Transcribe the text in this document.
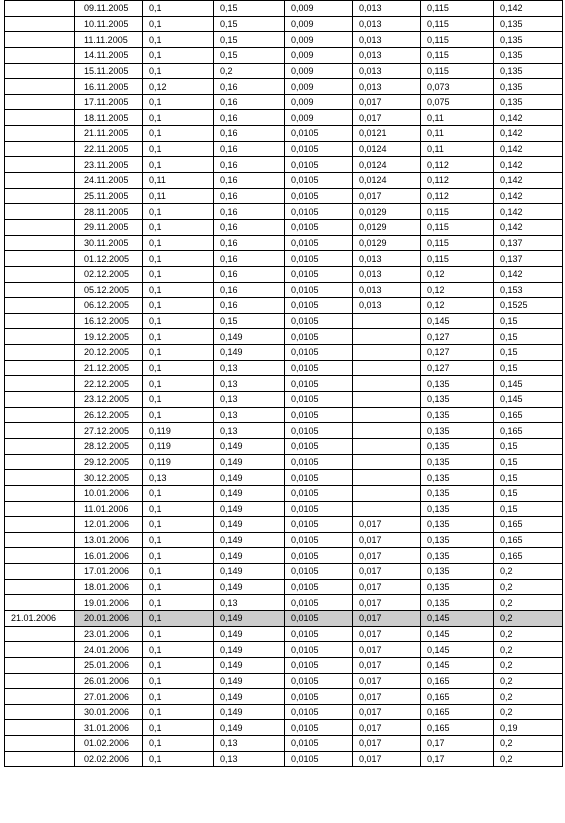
	09.11.2005	0,1	0,15	0,009	0,013	0,115	0,142
	10.11.2005	0,1	0,15	0,009	0,013	0,115	0,135
	11.11.2005	0,1	0,15	0,009	0,013	0,115	0,135
	14.11.2005	0,1	0,15	0,009	0,013	0,115	0,135
	15.11.2005	0,1	0,2	0,009	0,013	0,115	0,135
	16.11.2005	0,12	0,16	0,009	0,013	0,073	0,135
	17.11.2005	0,1	0,16	0,009	0,017	0,075	0,135
	18.11.2005	0,1	0,16	0,009	0,017	0,11	0,142
	21.11.2005	0,1	0,16	0,0105	0,0121	0,11	0,142
	22.11.2005	0,1	0,16	0,0105	0,0124	0,11	0,142
	23.11.2005	0,1	0,16	0,0105	0,0124	0,112	0,142
	24.11.2005	0,11	0,16	0,0105	0,0124	0,112	0,142
	25.11.2005	0,11	0,16	0,0105	0,017	0,112	0,142
	28.11.2005	0,1	0,16	0,0105	0,0129	0,115	0,142
	29.11.2005	0,1	0,16	0,0105	0,0129	0,115	0,142
	30.11.2005	0,1	0,16	0,0105	0,0129	0,115	0,137
	01.12.2005	0,1	0,16	0,0105	0,013	0,115	0,137
	02.12.2005	0,1	0,16	0,0105	0,013	0,12	0,142
	05.12.2005	0,1	0,16	0,0105	0,013	0,12	0,153
	06.12.2005	0,1	0,16	0,0105	0,013	0,12	0,1525
	16.12.2005	0,1	0,15	0,0105		0,145	0,15
	19.12.2005	0,1	0,149	0,0105		0,127	0,15
	20.12.2005	0,1	0,149	0,0105		0,127	0,15
	21.12.2005	0,1	0,13	0,0105		0,127	0,15
	22.12.2005	0,1	0,13	0,0105		0,135	0,145
	23.12.2005	0,1	0,13	0,0105		0,135	0,145
	26.12.2005	0,1	0,13	0,0105		0,135	0,165
	27.12.2005	0,119	0,13	0,0105		0,135	0,165
	28.12.2005	0,119	0,149	0,0105		0,135	0,15
	29.12.2005	0,119	0,149	0,0105		0,135	0,15
	30.12.2005	0,13	0,149	0,0105		0,135	0,15
	10.01.2006	0,1	0,149	0,0105		0,135	0,15
	11.01.2006	0,1	0,149	0,0105		0,135	0,15
	12.01.2006	0,1	0,149	0,0105	0,017	0,135	0,165
	13.01.2006	0,1	0,149	0,0105	0,017	0,135	0,165
	16.01.2006	0,1	0,149	0,0105	0,017	0,135	0,165
	17.01.2006	0,1	0,149	0,0105	0,017	0,135	0,2
	18.01.2006	0,1	0,149	0,0105	0,017	0,135	0,2
	19.01.2006	0,1	0,13	0,0105	0,017	0,135	0,2
21.01.2006	20.01.2006	0,1	0,149	0,0105	0,017	0,145	0,2
	23.01.2006	0,1	0,149	0,0105	0,017	0,145	0,2
	24.01.2006	0,1	0,149	0,0105	0,017	0,145	0,2
	25.01.2006	0,1	0,149	0,0105	0,017	0,145	0,2
	26.01.2006	0,1	0,149	0,0105	0,017	0,165	0,2
	27.01.2006	0,1	0,149	0,0105	0,017	0,165	0,2
	30.01.2006	0,1	0,149	0,0105	0,017	0,165	0,2
	31.01.2006	0,1	0,149	0,0105	0,017	0,165	0,19
	01.02.2006	0,1	0,13	0,0105	0,017	0,17	0,2
	02.02.2006	0,1	0,13	0,0105	0,017	0,17	0,2
